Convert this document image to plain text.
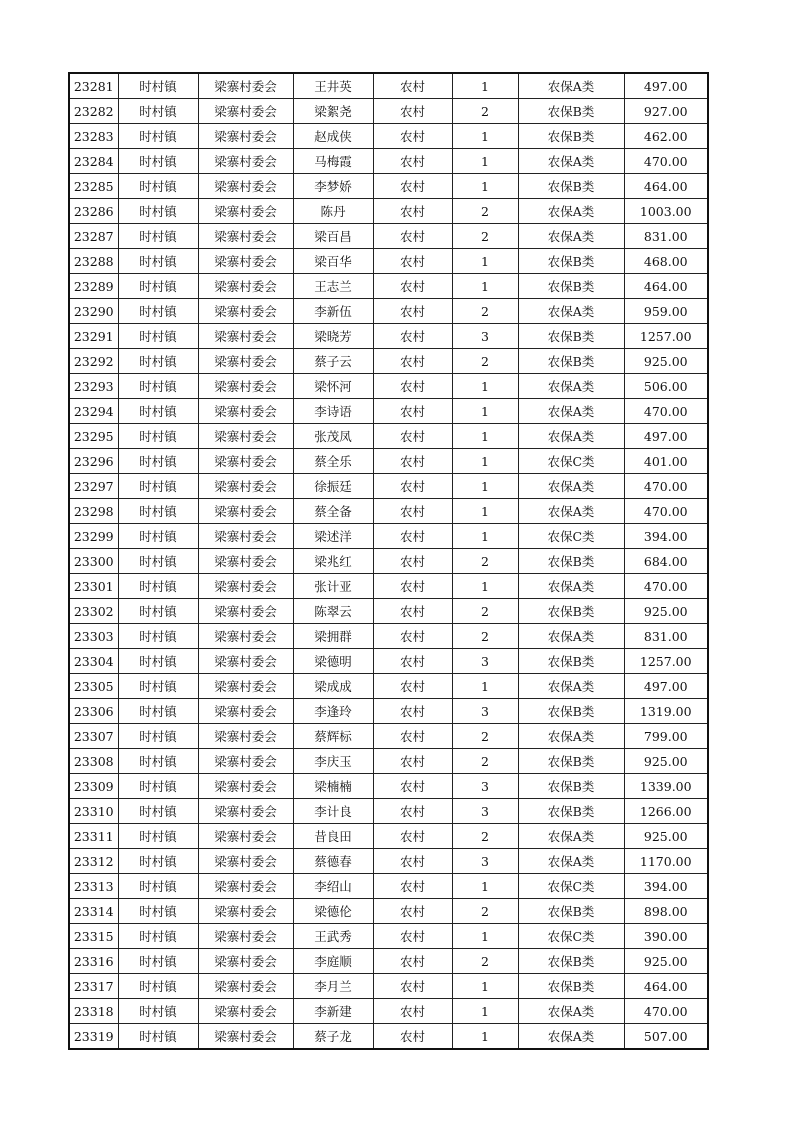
23281	时村镇	梁寨村委会	王井英	农村	1	农保A类	497.00
23282	时村镇	梁寨村委会	梁絮尧	农村	2	农保B类	927.00
23283	时村镇	梁寨村委会	赵成侠	农村	1	农保B类	462.00
23284	时村镇	梁寨村委会	马梅霞	农村	1	农保A类	470.00
23285	时村镇	梁寨村委会	李梦娇	农村	1	农保B类	464.00
23286	时村镇	梁寨村委会	陈丹	农村	2	农保A类	1003.00
23287	时村镇	梁寨村委会	梁百昌	农村	2	农保A类	831.00
23288	时村镇	梁寨村委会	梁百华	农村	1	农保B类	468.00
23289	时村镇	梁寨村委会	王志兰	农村	1	农保B类	464.00
23290	时村镇	梁寨村委会	李新伍	农村	2	农保A类	959.00
23291	时村镇	梁寨村委会	梁晓芳	农村	3	农保B类	1257.00
23292	时村镇	梁寨村委会	蔡子云	农村	2	农保B类	925.00
23293	时村镇	梁寨村委会	梁怀河	农村	1	农保A类	506.00
23294	时村镇	梁寨村委会	李诗语	农村	1	农保A类	470.00
23295	时村镇	梁寨村委会	张茂凤	农村	1	农保A类	497.00
23296	时村镇	梁寨村委会	蔡全乐	农村	1	农保C类	401.00
23297	时村镇	梁寨村委会	徐振廷	农村	1	农保A类	470.00
23298	时村镇	梁寨村委会	蔡全备	农村	1	农保A类	470.00
23299	时村镇	梁寨村委会	梁述洋	农村	1	农保C类	394.00
23300	时村镇	梁寨村委会	梁兆红	农村	2	农保B类	684.00
23301	时村镇	梁寨村委会	张计亚	农村	1	农保A类	470.00
23302	时村镇	梁寨村委会	陈翠云	农村	2	农保B类	925.00
23303	时村镇	梁寨村委会	梁拥群	农村	2	农保A类	831.00
23304	时村镇	梁寨村委会	梁德明	农村	3	农保B类	1257.00
23305	时村镇	梁寨村委会	梁成成	农村	1	农保A类	497.00
23306	时村镇	梁寨村委会	李逢玲	农村	3	农保B类	1319.00
23307	时村镇	梁寨村委会	蔡辉标	农村	2	农保A类	799.00
23308	时村镇	梁寨村委会	李庆玉	农村	2	农保B类	925.00
23309	时村镇	梁寨村委会	梁楠楠	农村	3	农保B类	1339.00
23310	时村镇	梁寨村委会	李计良	农村	3	农保B类	1266.00
23311	时村镇	梁寨村委会	昔良田	农村	2	农保A类	925.00
23312	时村镇	梁寨村委会	蔡德春	农村	3	农保A类	1170.00
23313	时村镇	梁寨村委会	李绍山	农村	1	农保C类	394.00
23314	时村镇	梁寨村委会	梁德伦	农村	2	农保B类	898.00
23315	时村镇	梁寨村委会	王武秀	农村	1	农保C类	390.00
23316	时村镇	梁寨村委会	李庭顺	农村	2	农保B类	925.00
23317	时村镇	梁寨村委会	李月兰	农村	1	农保B类	464.00
23318	时村镇	梁寨村委会	李新建	农村	1	农保A类	470.00
23319	时村镇	梁寨村委会	蔡子龙	农村	1	农保A类	507.00
